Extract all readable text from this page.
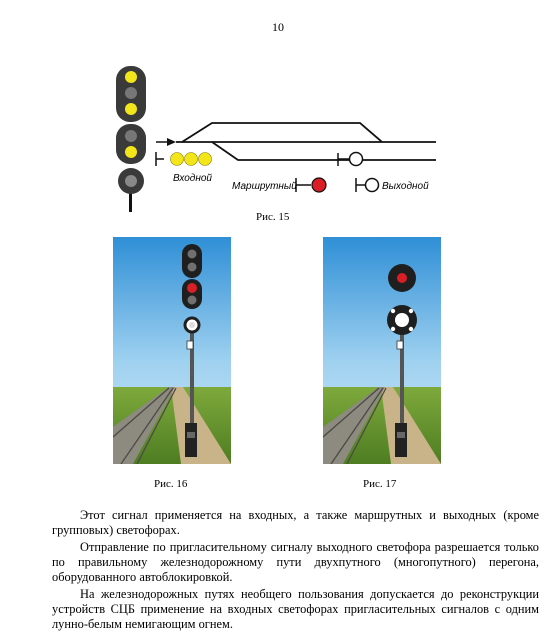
10
Входной
Маршрутный	Выходной
Рис. 15
Рис. 16	Рис. 17

Этот сигнал применяется на входных, а также маршрутных и выходных (кроме групповых) светофорах.

Отправление по пригласительному сигналу выходного светофора разрешается только по правильному железнодорожному пути двухпутного (многопутного) перегона, оборудованного автоблокировкой.

На железнодорожных путях необщего пользования допускается до реконструкции устройств СЦБ применение на входных светофорах пригласительных сигналов с одним лунно-белым немигающим огнем.
